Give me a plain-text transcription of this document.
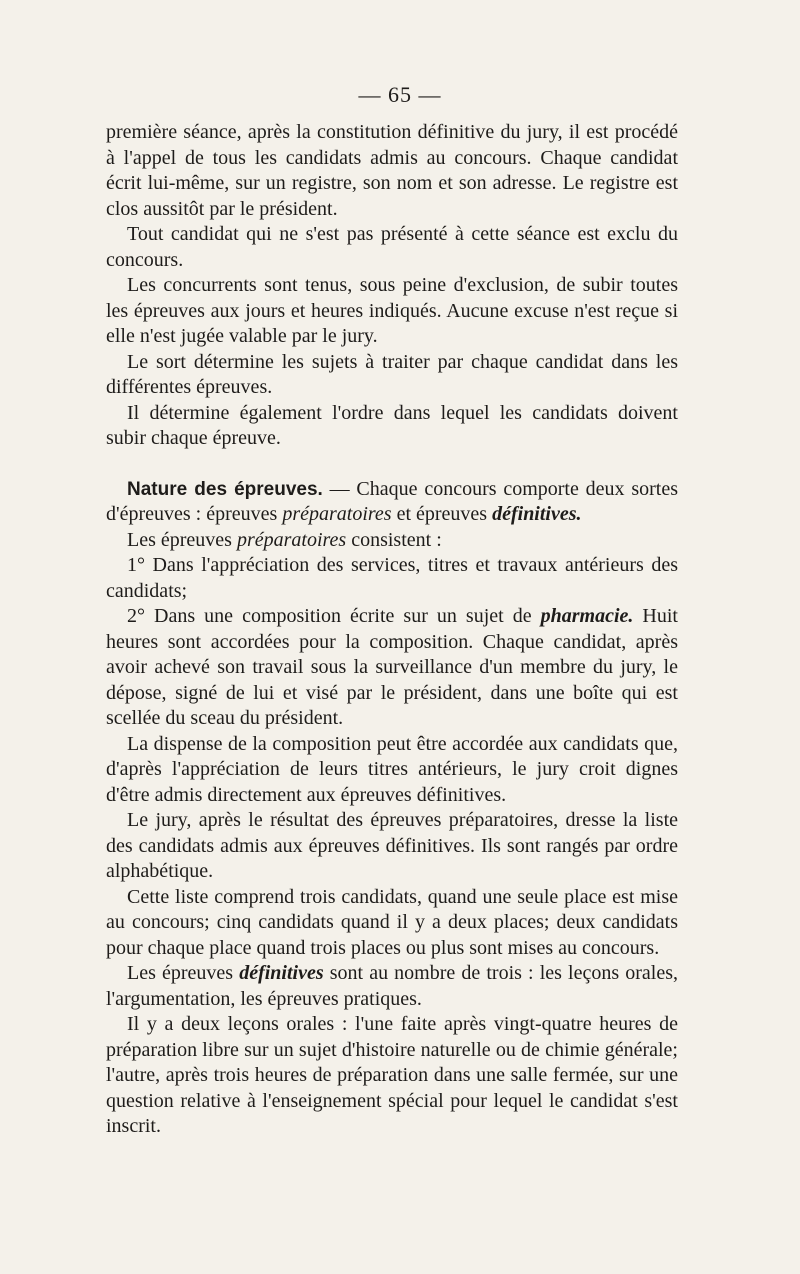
— 65 —

première séance, après la constitution définitive du jury, il est procédé à l'appel de tous les candidats admis au concours. Chaque candidat écrit lui-même, sur un registre, son nom et son adresse. Le registre est clos aussitôt par le président.

Tout candidat qui ne s'est pas présenté à cette séance est exclu du concours.

Les concurrents sont tenus, sous peine d'exclusion, de subir toutes les épreuves aux jours et heures indiqués. Aucune excuse n'est reçue si elle n'est jugée valable par le jury.

Le sort détermine les sujets à traiter par chaque candidat dans les différentes épreuves.

Il détermine également l'ordre dans lequel les candidats doivent subir chaque épreuve.

Nature des épreuves. — Chaque concours comporte deux sortes d'épreuves : épreuves préparatoires et épreuves définitives.

Les épreuves préparatoires consistent :

1° Dans l'appréciation des services, titres et travaux antérieurs des candidats;

2° Dans une composition écrite sur un sujet de pharmacie. Huit heures sont accordées pour la composition. Chaque candidat, après avoir achevé son travail sous la surveillance d'un membre du jury, le dépose, signé de lui et visé par le président, dans une boîte qui est scellée du sceau du président.

La dispense de la composition peut être accordée aux candidats que, d'après l'appréciation de leurs titres antérieurs, le jury croit dignes d'être admis directement aux épreuves définitives.

Le jury, après le résultat des épreuves préparatoires, dresse la liste des candidats admis aux épreuves définitives. Ils sont rangés par ordre alphabétique.

Cette liste comprend trois candidats, quand une seule place est mise au concours; cinq candidats quand il y a deux places; deux candidats pour chaque place quand trois places ou plus sont mises au concours.

Les épreuves définitives sont au nombre de trois : les leçons orales, l'argumentation, les épreuves pratiques.

Il y a deux leçons orales : l'une faite après vingt-quatre heures de préparation libre sur un sujet d'histoire naturelle ou de chimie générale; l'autre, après trois heures de préparation dans une salle fermée, sur une question relative à l'enseignement spécial pour lequel le candidat s'est inscrit.
